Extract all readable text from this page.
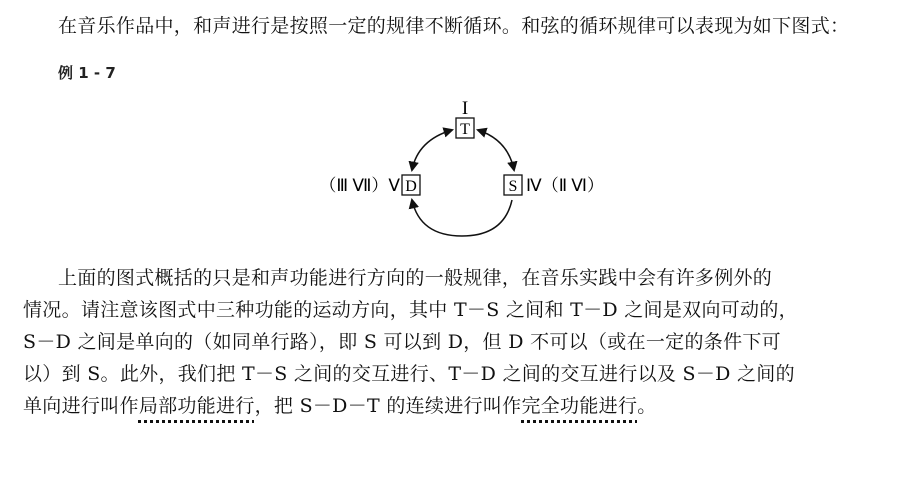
在音乐作品中，和声进行是按照一定的规律不断循环。和弦的循环规律可以表现为如下图式：

例 1 - 7
I
T
（Ⅲ Ⅶ）Ⅴ D	S Ⅳ（Ⅱ Ⅵ）
上面的图式概括的只是和声功能进行方向的一般规律，在音乐实践中会有许多例外的
情况。请注意该图式中三种功能的运动方向，其中 T－S 之间和 T－D 之间是双向可动的，
S－D 之间是单向的（如同单行路），即 S 可以到 D，但 D 不可以（或在一定的条件下可
以）到 S。此外，我们把 T－S 之间的交互进行、T－D 之间的交互进行以及 S－D 之间的
单向进行叫作局部功能进行，把 S－D－T 的连续进行叫作完全功能进行。
